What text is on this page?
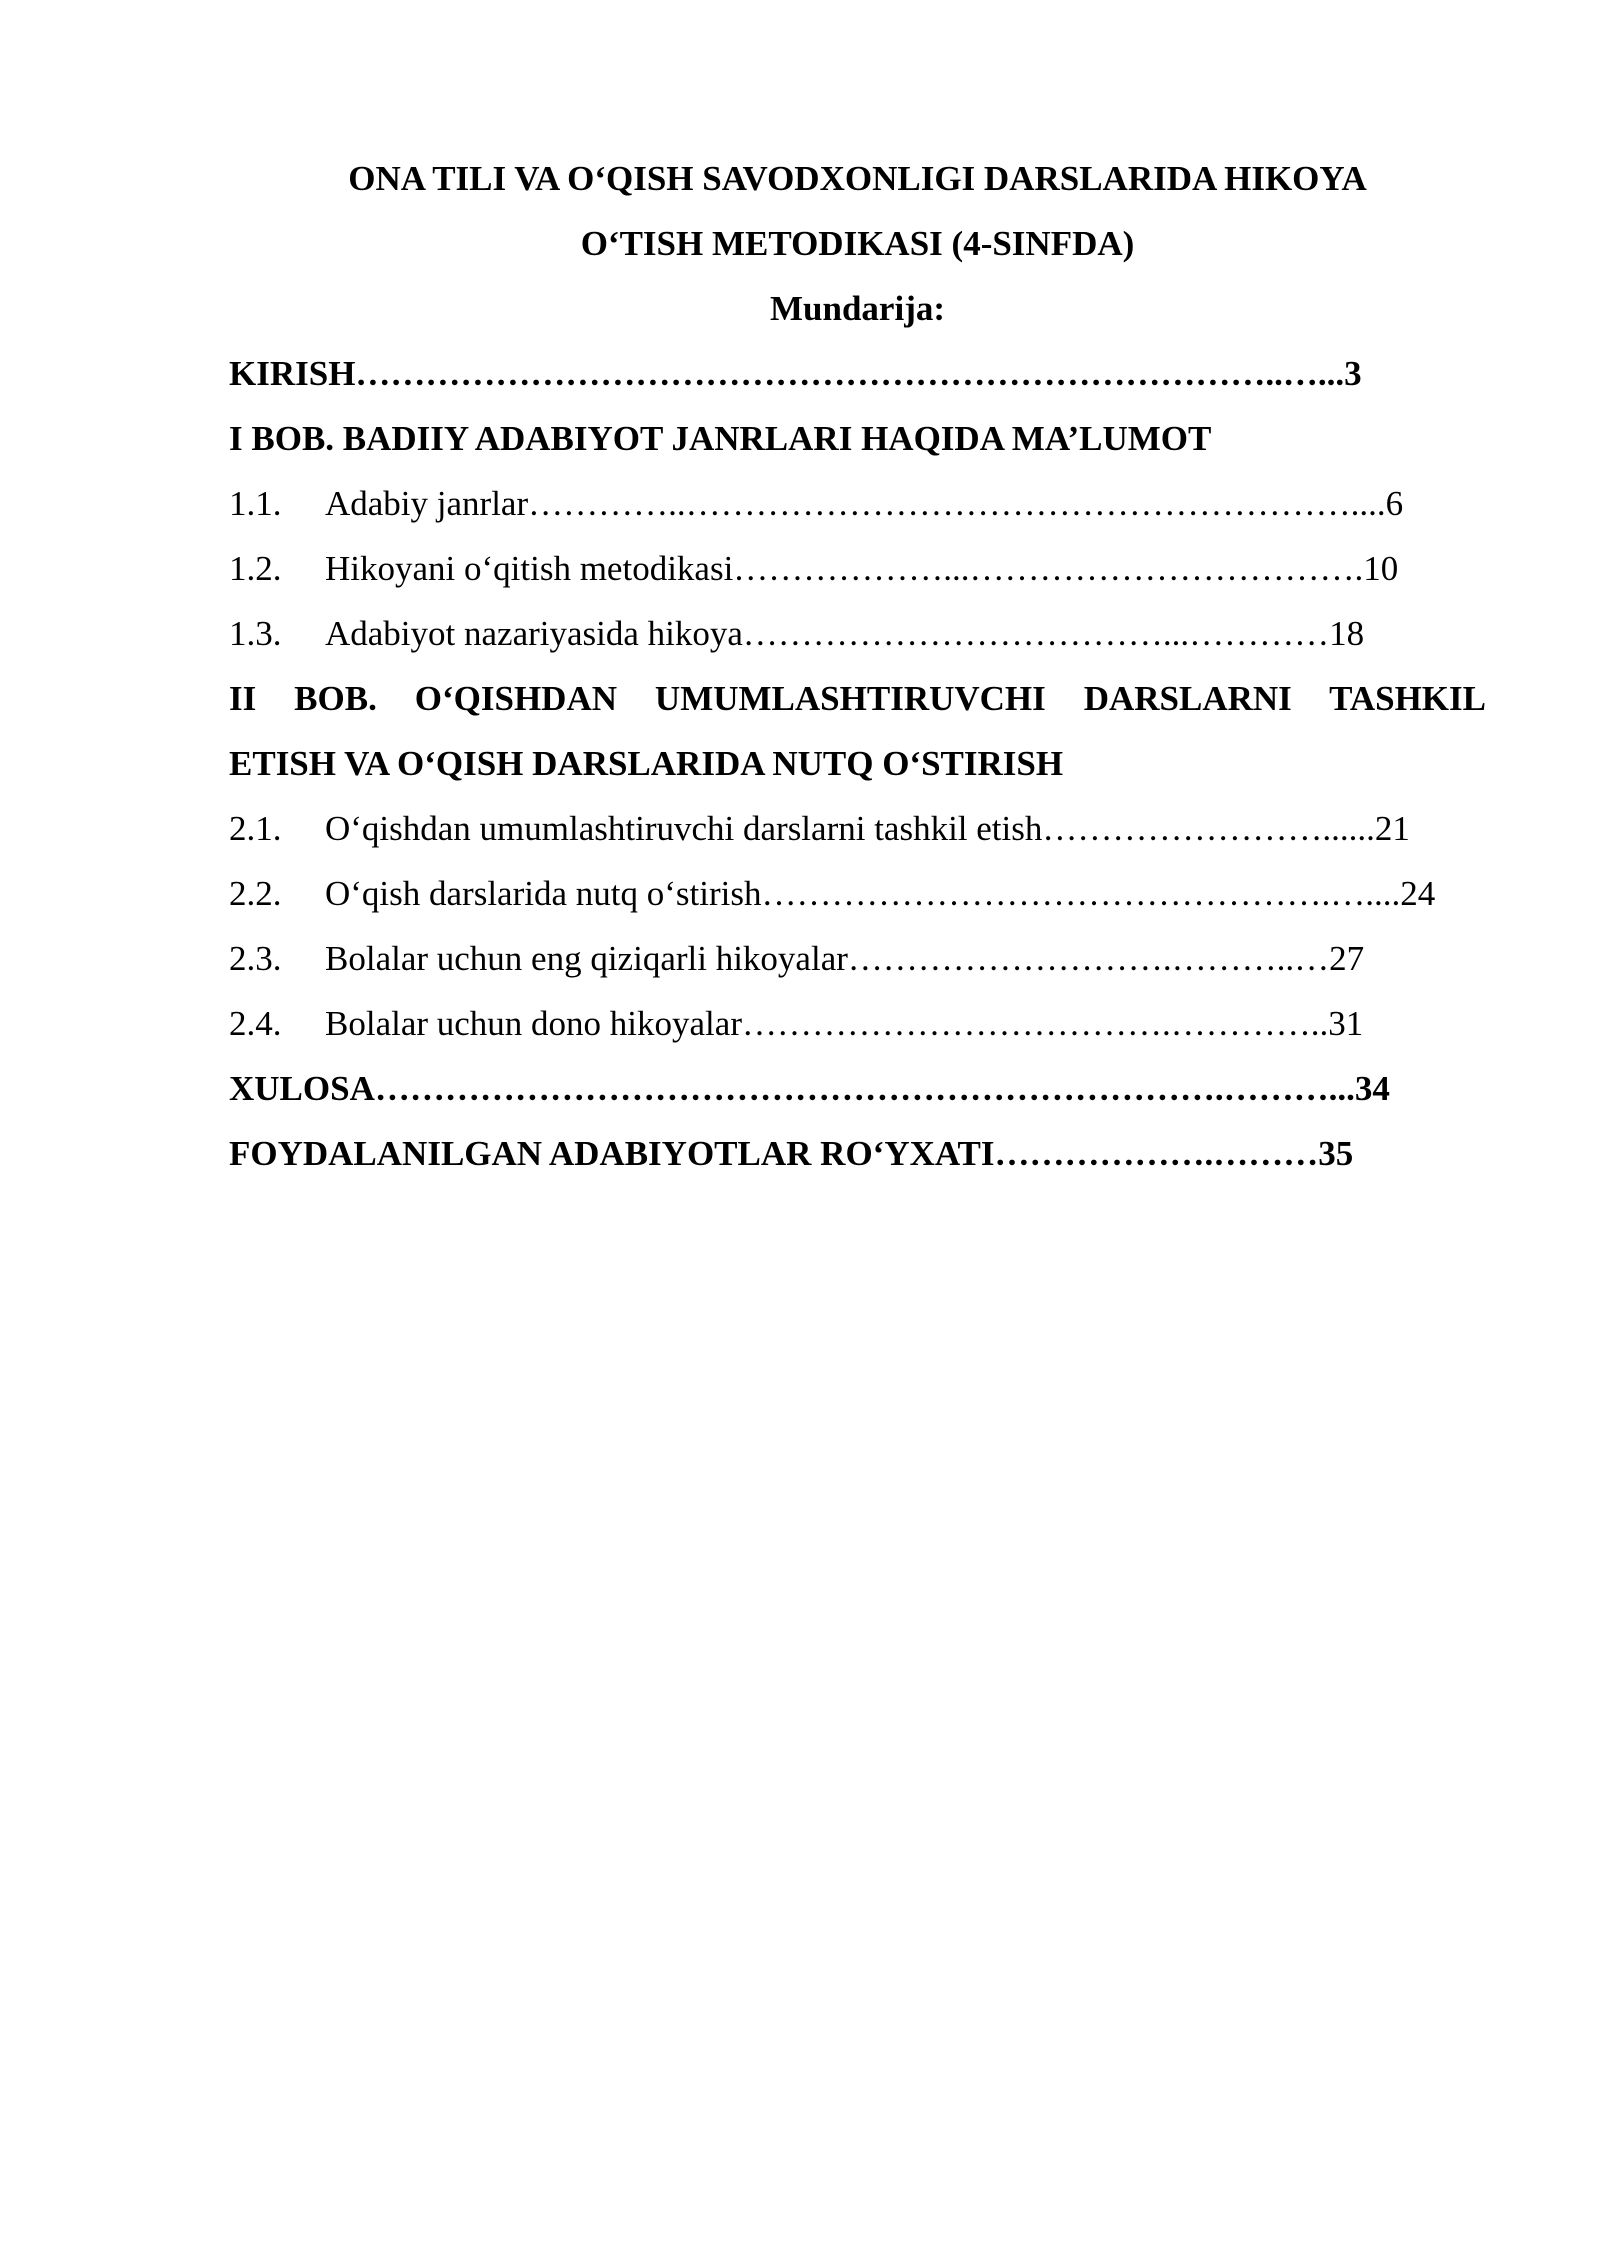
ONA TILI VA O‘QISH SAVODXONLIGI DARSLARIDA HIKOYA
O‘TISH METODIKASI (4-SINFDA)
Mundarija:
KIRISH……………………………………………………………………..…...3
I BOB. BADIIY ADABIYOT JANRLARI HAQIDA MA’LUMOT
1.1. Adabiy janrlar…………..…………………………………………………....6
1.2. Hikoyani o‘qitish metodikasi………………...…………………………….10
1.3. Adabiyot nazariyasida hikoya………………………………...…………18
II BOB. O‘QISHDAN UMUMLASHTIRUVCHI DARSLARNI TASHKIL
ETISH VA O‘QISH DARSLARIDA NUTQ O‘STIRISH
2.1. O‘qishdan umumlashtiruvchi darslarni tashkil etish……………………......21
2.2. O‘qish darslarida nutq o‘stirish………………………………………….…....24
2.3. Bolalar uchun eng qiziqarli hikoyalar……………………….………..…27
2.4. Bolalar uchun dono hikoyalar……………………………….…………..31
XULOSA……………………………………………………………….………...34
FOYDALANILGAN ADABIYOTLAR RO‘YXATI……………….………35
